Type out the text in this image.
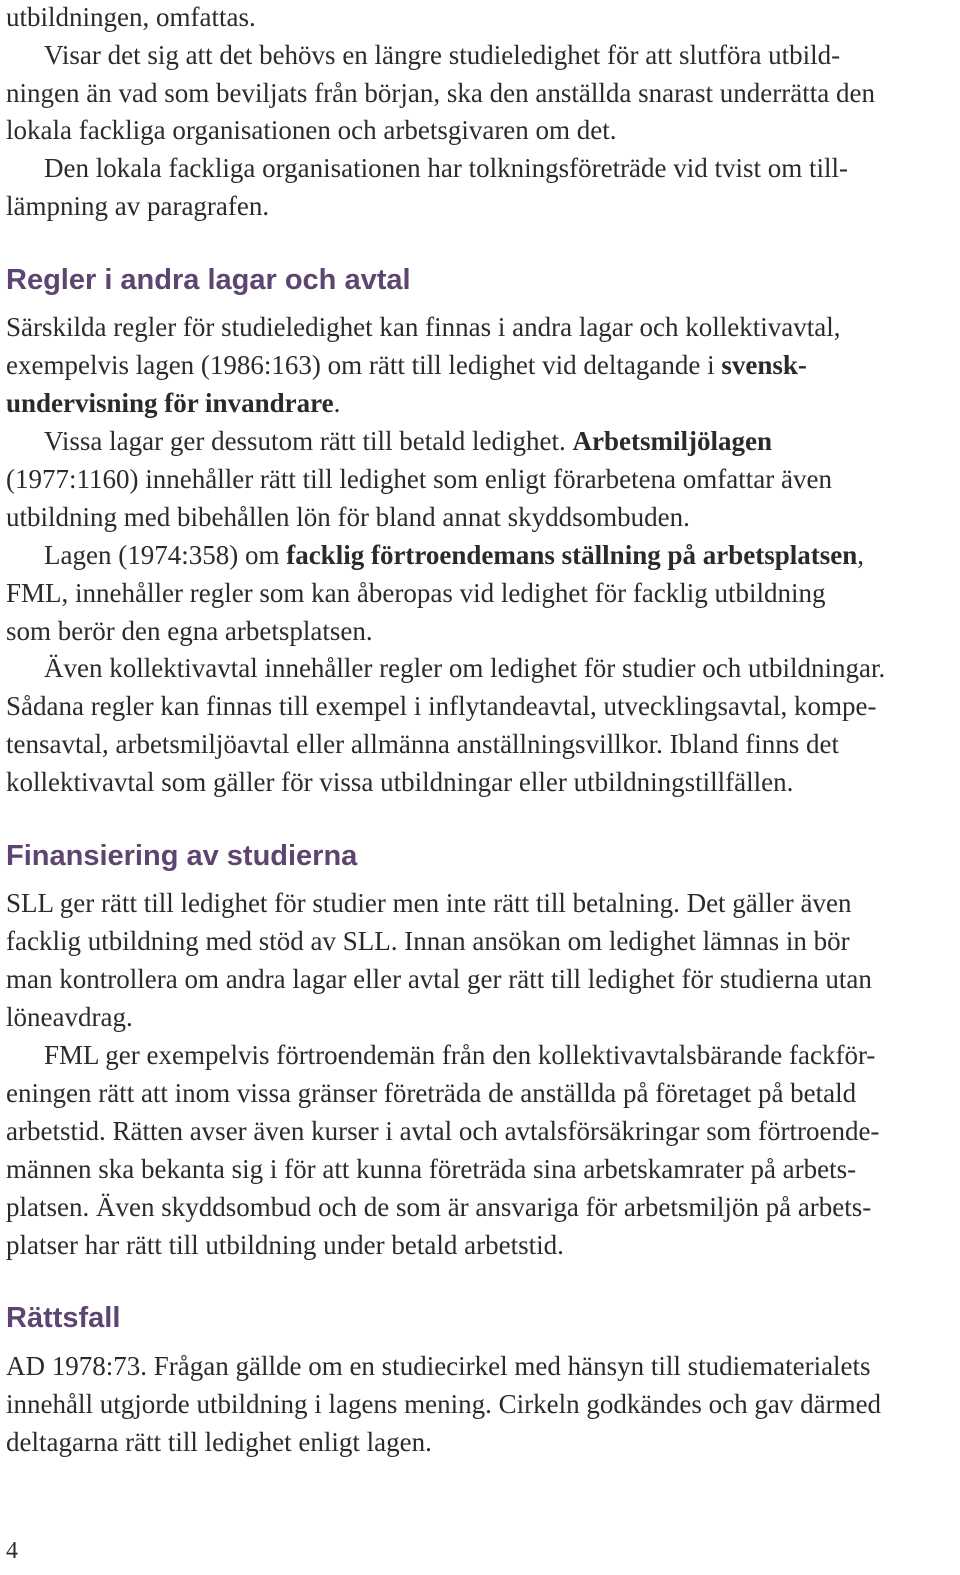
utbildningen, omfattas.
Visar det sig att det behövs en längre studieledighet för att slutföra utbild-
ningen än vad som beviljats från början, ska den anställda snarast underrätta den
lokala fackliga organisationen och arbetsgivaren om det.
Den lokala fackliga organisationen har tolkningsföreträde vid tvist om till-
lämpning av paragrafen.
Regler i andra lagar och avtal
Särskilda regler för studieledighet kan finnas i andra lagar och kollektivavtal,
exempelvis lagen (1986:163) om rätt till ledighet vid deltagande i svensk-
undervisning för invandrare.
Vissa lagar ger dessutom rätt till betald ledighet. Arbetsmiljölagen
(1977:1160) innehåller rätt till ledighet som enligt förarbetena omfattar även
utbildning med bibehållen lön för bland annat skyddsombuden.
Lagen (1974:358) om facklig förtroendemans ställning på arbetsplatsen,
FML, innehåller regler som kan åberopas vid ledighet för facklig utbildning
som berör den egna arbetsplatsen.
Även kollektivavtal innehåller regler om ledighet för studier och utbildningar.
Sådana regler kan finnas till exempel i inflytandeavtal, utvecklingsavtal, kompe-
tensavtal, arbetsmiljöavtal eller allmänna anställningsvillkor. Ibland finns det
kollektivavtal som gäller för vissa utbildningar eller utbildningstillfällen.
Finansiering av studierna
SLL ger rätt till ledighet för studier men inte rätt till betalning. Det gäller även
facklig utbildning med stöd av SLL. Innan ansökan om ledighet lämnas in bör
man kontrollera om andra lagar eller avtal ger rätt till ledighet för studierna utan
löneavdrag.
FML ger exempelvis förtroendemän från den kollektivavtalsbärande fackför-
eningen rätt att inom vissa gränser företräda de anställda på företaget på betald
arbetstid. Rätten avser även kurser i avtal och avtalsförsäkringar som förtroende-
männen ska bekanta sig i för att kunna företräda sina arbetskamrater på arbets-
platsen. Även skyddsombud och de som är ansvariga för arbetsmiljön på arbets-
platser har rätt till utbildning under betald arbetstid.
Rättsfall
AD 1978:73. Frågan gällde om en studiecirkel med hänsyn till studiematerialets
innehåll utgjorde utbildning i lagens mening. Cirkeln godkändes och gav därmed
deltagarna rätt till ledighet enligt lagen.
4
